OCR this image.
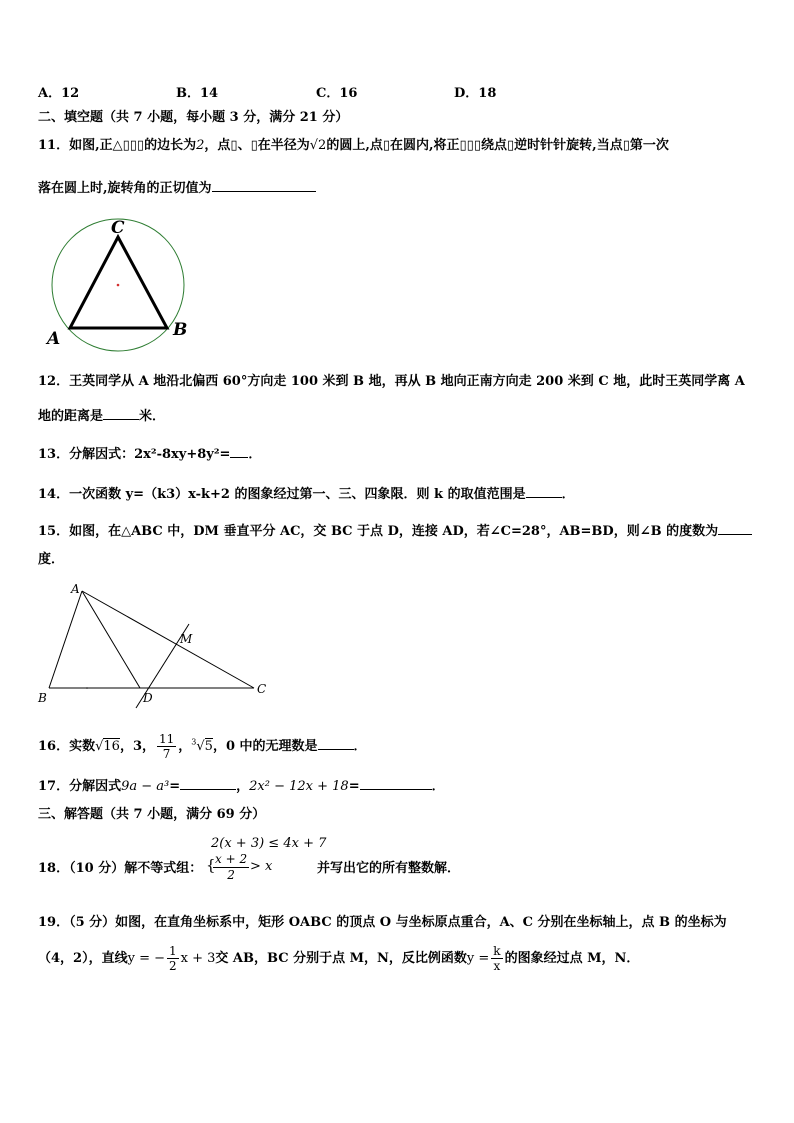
A．12	B．14	C．16	D．18
二、填空题（共 7 小题，每小题 3 分，满分 21 分）
11．如图,正△▯▯▯的边长为2，点▯、▯在半径为√2的圆上,点▯在圆内,将正▯▯▯绕点▯逆时针针旋转,当点▯第一次
落在圆上时,旋转角的正切值为
C
A	B
12．王英同学从 A 地沿北偏西 60°方向走 100 米到 B 地，再从 B 地向正南方向走 200 米到 C 地，此时王英同学离 A
地的距离是	米．
13．分解因式：2x²-8xy+8y²= ．
14．一次函数 y=（k3）x-k+2 的图象经过第一、三、四象限．则 k 的取值范围是	．
15．如图，在△ABC 中，DM 垂直平分 AC，交 BC 于点 D，连接 AD，若∠C=28°，AB=BD，则∠B 的度数为
度．
A
B
C
D
M
16．实数√16，3， $\frac{11}{7}$ ，$^3$√5，0 中的无理数是	．
17．分解因式9a − a³=	，2x² − 12x + 18=	．
三、解答题（共 7 小题，满分 69 分）
2(x + 3) ≤ 4x + 7
18．（10 分）解不等式组： {
$\frac{x + 2}{2} > x$	并写出它的所有整数解．
19．（5 分）如图，在直角坐标系中，矩形 OABC 的顶点 O 与坐标原点重合，A、C 分别在坐标轴上，点 B 的坐标为
（4，2），直线y = − $\frac{1}{2}$ x + 3交 AB，BC 分别于点 M，N，反比例函数$y = \frac{k}{x}$ 的图象经过点 M，N．
